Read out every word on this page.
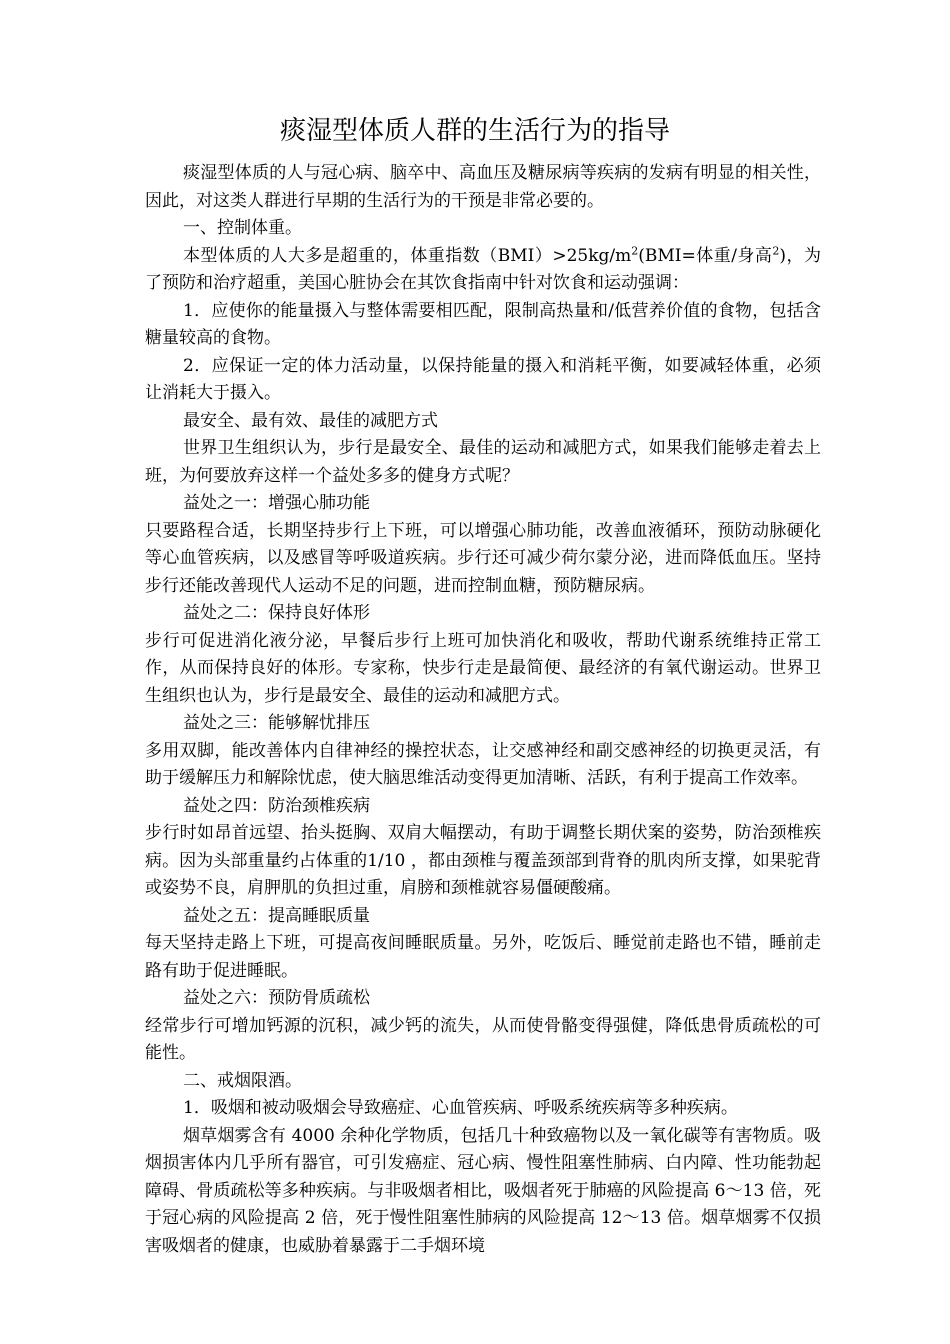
痰湿型体质人群的生活行为的指导

痰湿型体质的人与冠心病、脑卒中、高血压及糖尿病等疾病的发病有明显的相关性，因此，对这类人群进行早期的生活行为的干预是非常必要的。

一、控制体重。

本型体质的人大多是超重的，体重指数$(BMI)>25kg/m^2(BMI=$体重/身高$^2$)，为了预防和治疗超重，美国心脏协会在其饮食指南中针对饮食和运动强调：

1．应使你的能量摄入与整体需要相匹配，限制高热量和/低营养价值的食物，包括含糖量较高的食物。

2．应保证一定的体力活动量，以保持能量的摄入和消耗平衡，如要减轻体重，必须让消耗大于摄入。

最安全、最有效、最佳的减肥方式

世界卫生组织认为，步行是最安全、最佳的运动和减肥方式，如果我们能够走着去上班，为何要放弃这样一个益处多多的健身方式呢？

益处之一：增强心肺功能

只要路程合适，长期坚持步行上下班，可以增强心肺功能，改善血液循环，预防动脉硬化等心血管疾病，以及感冒等呼吸道疾病。步行还可减少荷尔蒙分泌，进而降低血压。坚持步行还能改善现代人运动不足的问题，进而控制血糖，预防糖尿病。

益处之二：保持良好体形

步行可促进消化液分泌，早餐后步行上班可加快消化和吸收，帮助代谢系统维持正常工作，从而保持良好的体形。专家称，快步行走是最简便、最经济的有氧代谢运动。世界卫生组织也认为，步行是最安全、最佳的运动和减肥方式。

益处之三：能够解忧排压

多用双脚，能改善体内自律神经的操控状态，让交感神经和副交感神经的切换更灵活，有助于缓解压力和解除忧虑，使大脑思维活动变得更加清晰、活跃，有利于提高工作效率。

益处之四：防治颈椎疾病

步行时如昂首远望、抬头挺胸、双肩大幅摆动，有助于调整长期伏案的姿势，防治颈椎疾病。因为头部重量约占体重的1/10 ，都由颈椎与覆盖颈部到背脊的肌肉所支撑，如果驼背或姿势不良，肩胛肌的负担过重，肩膀和颈椎就容易僵硬酸痛。

益处之五：提高睡眠质量

每天坚持走路上下班，可提高夜间睡眠质量。另外，吃饭后、睡觉前走路也不错，睡前走路有助于促进睡眠。

益处之六：预防骨质疏松

经常步行可增加钙源的沉积，减少钙的流失，从而使骨骼变得强健，降低患骨质疏松的可能性。

二、戒烟限酒。

1．吸烟和被动吸烟会导致癌症、心血管疾病、呼吸系统疾病等多种疾病。

烟草烟雾含有 4000 余种化学物质，包括几十种致癌物以及一氧化碳等有害物质。吸烟损害体内几乎所有器官，可引发癌症、冠心病、慢性阻塞性肺病、白内障、性功能勃起障碍、骨质疏松等多种疾病。与非吸烟者相比，吸烟者死于肺癌的风险提高 6～13 倍，死于冠心病的风险提高 2 倍，死于慢性阻塞性肺病的风险提高 12～13 倍。烟草烟雾不仅损害吸烟者的健康，也威胁着暴露于二手烟环境
